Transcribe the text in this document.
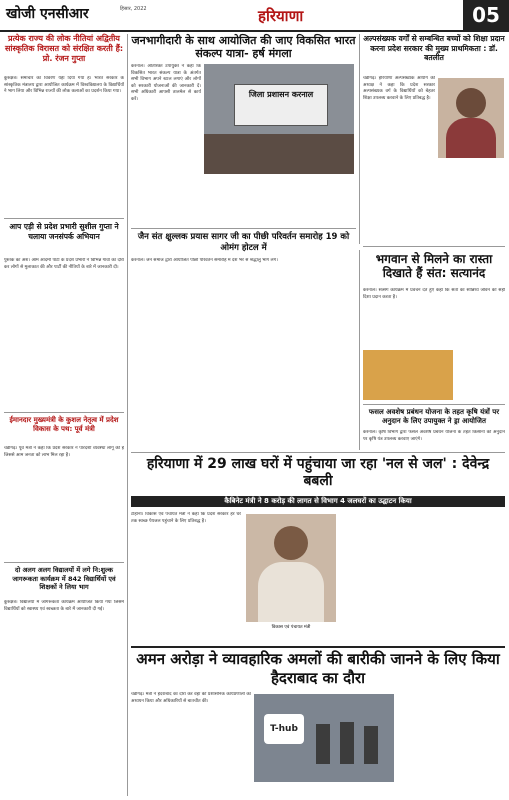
खोजी एनसीआर	हिसार, 2022	हरियाणा	05
प्रत्येक राज्य की लोक नीतियां अद्वितीय सांस्कृतिक विरासत को संरक्षित करती हैं: प्रो. रंजन गुप्ता
कुरुक्षेत्र। समाचार का विवरण यहाँ दिया गया है। भारत सरकार के सांस्कृतिक मंत्रालय द्वारा आयोजित कार्यक्रम में विश्वविद्यालय के विद्यार्थियों ने भाग लिया और विभिन्न राज्यों की लोक कलाओं का प्रदर्शन किया गया।
आप एड़ी से प्रदेश प्रभारी सुशील गुप्ता ने चलाया जनसंपर्क अभियान
पुस्तक का अंश। आम आदमी पार्टी के प्रदेश प्रभारी ने विभिन्न गांवों का दौरा कर लोगों से मुलाकात की और पार्टी की नीतियों के बारे में जानकारी दी।
ईमानदार मुख्यमंत्री के कुशल नेतृत्व में प्रदेश विकास के पथ: पूर्व मंत्री
चंडीगढ़। पूर्व मंत्री ने कहा कि प्रदेश सरकार ने पारदर्शी व्यवस्था लागू की है जिससे आम जनता को लाभ मिल रहा है।
दो अलग अलग विद्यालयों में लगे नि:शुल्क जागरूकता कार्यक्रम में 842 विद्यार्थियों एवं शिक्षकों ने लिया भाग
कुरुक्षेत्र। विद्यालयों में जागरूकता कार्यक्रम आयोजित किया गया जिसमें विद्यार्थियों को स्वास्थ्य एवं स्वच्छता के बारे में जानकारी दी गई।
जनभागीदारी के साथ आयोजित की जाए विकसित भारत संकल्प यात्रा- हर्ष मंगला
करनाल। अतिरिक्त उपायुक्त ने कहा कि विकसित भारत संकल्प यात्रा के अंतर्गत सभी विभाग अपने स्टाल लगाएं और लोगों को सरकारी योजनाओं की जानकारी दें। सभी अधिकारी आपसी तालमेल से कार्य करें।	जिला प्रशासन करनाल
अल्पसंख्यक वर्गों से सम्बन्धित बच्चों को शिक्षा प्रदान करना प्रदेश सरकार की मुख्य प्राथमिकता : डॉ. बतलीत
चंडीगढ़। हरियाणा अल्पसंख्यक आयोग की अध्यक्ष ने कहा कि प्रदेश सरकार अल्पसंख्यक वर्ग के विद्यार्थियों को बेहतर शिक्षा उपलब्ध करवाने के लिए प्रतिबद्ध है।
जैन संत क्षुल्लक प्रयास सागर जी का पीछी परिवर्तन समारोह 19 को ओमंग होटल में
करनाल। जैन समाज द्वारा आयोजित पीछी परिवर्तन समारोह में देश भर से श्रद्धालु भाग लेंगे।	भगवान से मिलने का रास्ता दिखाते हैं संत: सत्यानंद
करनाल। सत्संग कार्यक्रम में प्रवचन देते हुए कहा कि संतों का सान्निध्य जीवन को सही दिशा प्रदान करता है।
फसल अवशेष प्रबंधन योजना के तहत कृषि यंत्रों पर अनुदान के लिए उपायुक्त ने ड्रा आयोजित
करनाल। कृषि विभाग द्वारा फसल अवशेष प्रबंधन योजना के तहत किसानों को अनुदान पर कृषि यंत्र उपलब्ध करवाए जाएंगे।
हरियाणा में 29 लाख घरों में पहुंचाया जा रहा 'नल से जल' : देवेन्द्र बबली
कैबिनेट मंत्री ने 8 करोड़ की लागत से विभाग 4 जलघरों का उद्घाटन किया
टोहाना। विकास एवं पंचायत मंत्री ने कहा कि प्रदेश सरकार हर घर तक स्वच्छ पेयजल पहुंचाने के लिए प्रतिबद्ध है।
विकास एवं पंचायत मंत्री
अमन अरोड़ा ने व्यावहारिक अमलों की बारीकी जानने के लिए किया हैदराबाद का दौरा
चंडीगढ़। मंत्री ने हैदराबाद का दौरा कर वहाँ की प्रशासनिक कार्यप्रणाली का अध्ययन किया और अधिकारियों से बातचीत की।
T-hub
